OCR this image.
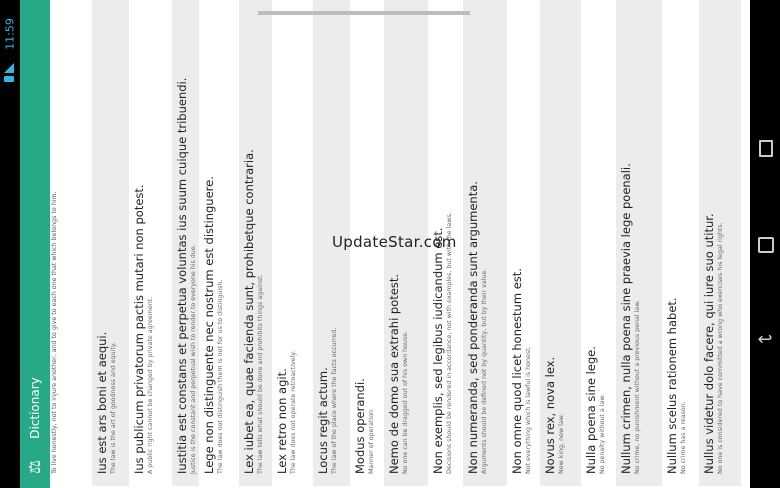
11:59
⚖
Dictionary To live honestly, not to injure another, and to give to each one that which belongs to him.	Ius est ars boni et aequi. The law is the art of goodness and equity. Ius publicum privatorum pactis mutari non potest. A public right cannot be changed by private agreement. Iustitia est constans et perpetua voluntas ius suum cuique tribuendi. Justice is the constant and perpetual wish to render to everyone his due. Lege non distinguente nec nostrum est distinguere. The law does not distinguish them is not for us to distinguish. Lex iubet ea, quae facienda sunt, prohibetque contraria. The law tells what should be done and prohibits things against. Lex retro non agit. The law does not operate retroactively. Locus regit actum. The law of the place where the facts occurred. Modus operandi. Manner of operation Nemo de domo sua extrahi potest. No one can be dragged out of his own house. Non exemplis, sed legibus iudicandum est. Decisions should be rendered in accordance, not with examples, but with the laws. Non numeranda, sed ponderanda sunt argumenta. Arguments should be defined not by quantity, but by their value. Non omne quod licet honestum est. Not everything which is lawful is honest. Novus rex, nova lex. New king, new law. Nulla poena sine lege. No penalty without a law. Nullum crimen, nulla poena sine praevia lege poenali. No crime, no punishment without a previous penal law. Nullum scelus rationem habet. No crime has a reason. Nullus videtur dolo facere, qui iure suo utitur. No one is considered to have committed a wrong who exercises his legal rights.
UpdateStar.com
↩
